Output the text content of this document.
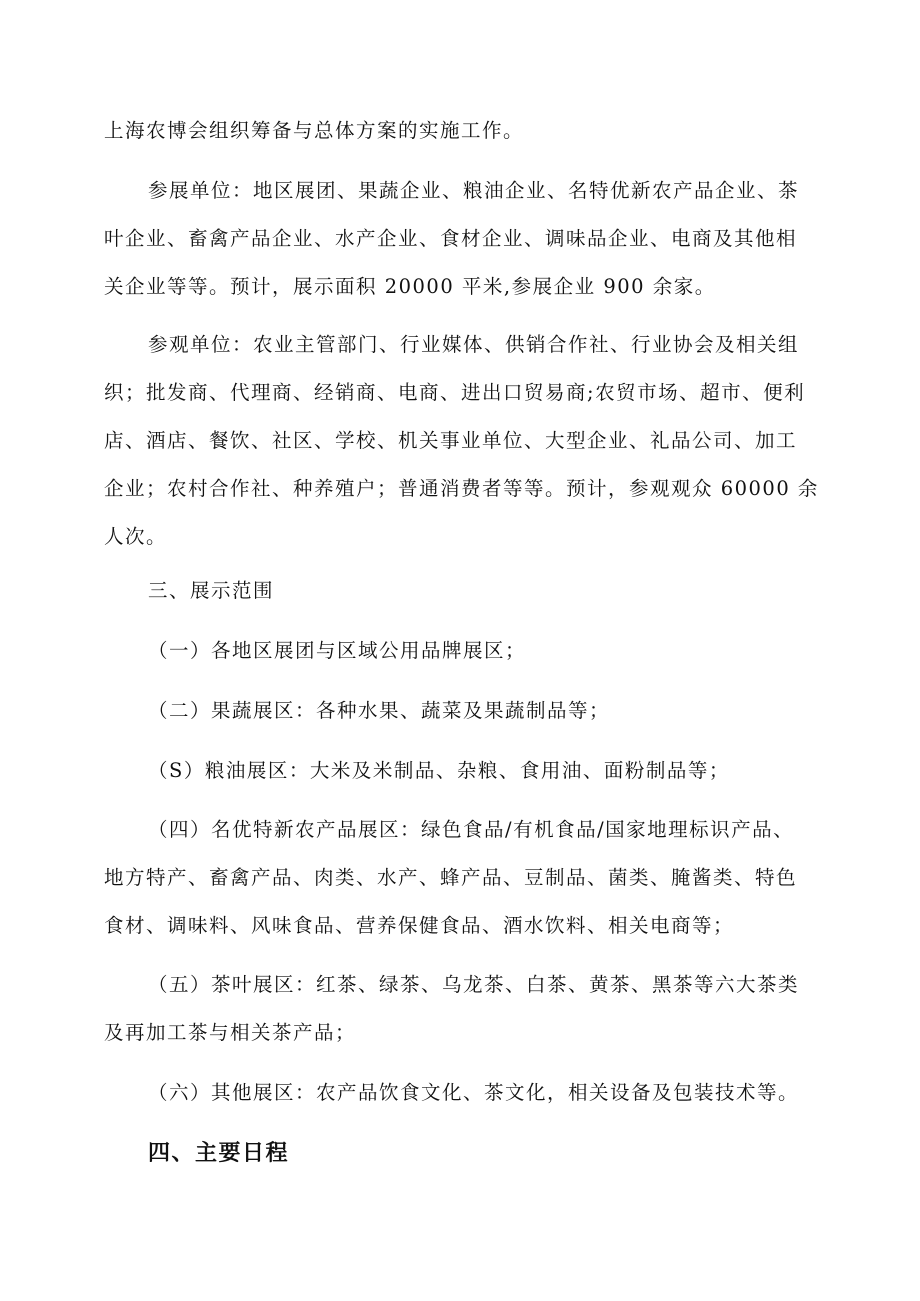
上海农博会组织筹备与总体方案的实施工作。

参展单位：地区展团、果蔬企业、粮油企业、名特优新农产品企业、茶
叶企业、畜禽产品企业、水产企业、食材企业、调味品企业、电商及其他相
关企业等等。预计，展示面积 20000 平米,参展企业 900 余家。

参观单位：农业主管部门、行业媒体、供销合作社、行业协会及相关组
织；批发商、代理商、经销商、电商、进出口贸易商;农贸市场、超市、便利
店、酒店、餐饮、社区、学校、机关事业单位、大型企业、礼品公司、加工
企业；农村合作社、种养殖户；普通消费者等等。预计，参观观众 60000 余
人次。

三、展示范围

（一）各地区展团与区域公用品牌展区；

（二）果蔬展区：各种水果、蔬菜及果蔬制品等；

（S）粮油展区：大米及米制品、杂粮、食用油、面粉制品等；

（四）名优特新农产品展区：绿色食品/有机食品/国家地理标识产品、
地方特产、畜禽产品、肉类、水产、蜂产品、豆制品、菌类、腌酱类、特色
食材、调味料、风味食品、营养保健食品、酒水饮料、相关电商等；

（五）茶叶展区：红茶、绿茶、乌龙茶、白茶、黄茶、黑茶等六大茶类
及再加工茶与相关茶产品；

（六）其他展区：农产品饮食文化、茶文化，相关设备及包装技术等。

四、主要日程
